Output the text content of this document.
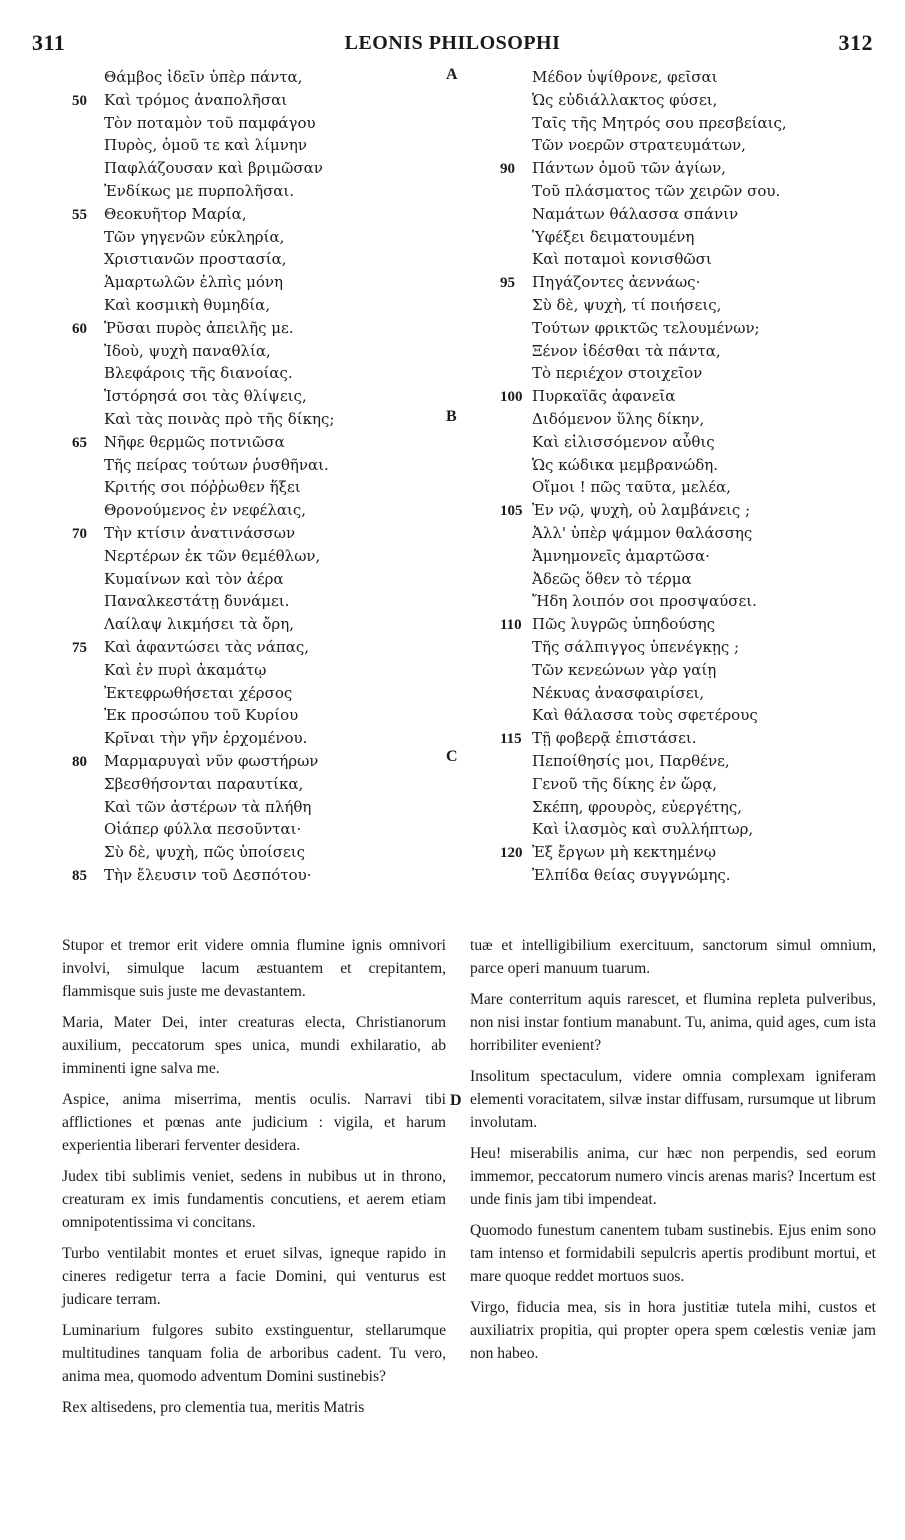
311	LEONIS PHILOSOPHI	312
A
B
C
D
Θάμβος ἰδεῖν ὑπὲρ πάντα,
50 Καὶ τρόμος ἀναπολῆσαι
Τὸν ποταμὸν τοῦ παμφάγου
Πυρὸς, ὁμοῦ τε καὶ λίμνην
Παφλάζουσαν καὶ βριμῶσαν
Ἐνδίκως με πυρπολῆσαι.
55 Θεοκυῆτορ Μαρία,
Τῶν γηγενῶν εὐκληρία,
Χριστιανῶν προστασία,
Ἁμαρτωλῶν ἐλπὶς μόνη
Καὶ κοσμικὴ θυμηδία,
60 Ῥῦσαι πυρὸς ἀπειλῆς με.
Ἰδοὺ, ψυχὴ παναθλία,
Βλεφάροις τῆς διανοίας.
Ἱστόρησά σοι τὰς θλίψεις,
Καὶ τὰς ποινὰς πρὸ τῆς δίκης;
65 Νῆφε θερμῶς ποτνιῶσα
Τῆς πείρας τούτων ῥυσθῆναι.
Κριτής σοι πόῤῥωθεν ἥξει
Θρονούμενος ἐν νεφέλαις,
70 Τὴν κτίσιν ἀνατινάσσων
Νερτέρων ἐκ τῶν θεμέθλων,
Κυμαίνων καὶ τὸν ἀέρα
Παναλκεστάτῃ δυνάμει.
Λαίλαψ λικμήσει τὰ ὄρη,
75 Καὶ ἀφαντώσει τὰς νάπας,
Καὶ ἐν πυρὶ ἀκαμάτῳ
Ἐκτεφρωθήσεται χέρσος
Ἐκ προσώπου τοῦ Κυρίου
Κρῖναι τὴν γῆν ἐρχομένου.
80 Μαρμαρυγαὶ νῦν φωστήρων
Σβεσθήσονται παραυτίκα,
Καὶ τῶν ἀστέρων τὰ πλήθη
Οἱάπερ φύλλα πεσοῦνται·
Σὺ δὲ, ψυχὴ, πῶς ὑποίσεις
85 Τὴν ἔλευσιν τοῦ Δεσπότου·
Μέδον ὑψίθρονε, φεῖσαι
Ὡς εὐδιάλλακτος φύσει,
Ταῖς τῆς Μητρός σου πρεσβείαις,
Τῶν νοερῶν στρατευμάτων,
90 Πάντων ὁμοῦ τῶν ἁγίων,
Τοῦ πλάσματος τῶν χειρῶν σου.
Ναμάτων θάλασσα σπάνιν
Ὑφέξει δειματουμένη
Καὶ ποταμοὶ κονισθῶσι
95 Πηγάζοντες ἀεννάως·
Σὺ δὲ, ψυχὴ, τί ποιήσεις,
Τούτων φρικτῶς τελουμένων;
Ξένον ἰδέσθαι τὰ πάντα,
Τὸ περιέχον στοιχεῖον
100 Πυρκαϊᾶς ἀφανεῖα
Διδόμενον ὕλης δίκην,
Καὶ εἰλισσόμενον αὖθις
Ὡς κώδικα μεμβρανώδη.
Οἴμοι ! πῶς ταῦτα, μελέα,
105 Ἐν νῷ, ψυχὴ, οὐ λαμβάνεις ;
Ἀλλ' ὑπὲρ ψάμμον θαλάσσης
Ἀμνημονεῖς ἁμαρτῶσα·
Ἀδεῶς ὅθεν τὸ τέρμα
Ἤδη λοιπόν σοι προσψαύσει.
110 Πῶς λυγρῶς ὑπηδούσης
Τῆς σάλπιγγος ὑπενέγκῃς ;
Τῶν κενεώνων γὰρ γαίῃ
Νέκυας ἀνασφαιρίσει,
Καὶ θάλασσα τοὺς σφετέρους
115 Τῇ φοβερᾷ ἐπιστάσει.
Πεποίθησίς μοι, Παρθένε,
Γενοῦ τῆς δίκης ἐν ὥρᾳ,
Σκέπη, φρουρὸς, εὐεργέτης,
Καὶ ἱλασμὸς καὶ συλλήπτωρ,
120 Ἐξ ἔργων μὴ κεκτημένῳ
Ἐλπίδα θείας συγγνώμης.

Stupor et tremor erit videre omnia flumine ignis omnivori involvi, simulque lacum æstuantem et crepitantem, flammisque suis juste me devastantem.

Maria, Mater Dei, inter creaturas electa, Christianorum auxilium, peccatorum spes unica, mundi exhilaratio, ab imminenti igne salva me.

Aspice, anima miserrima, mentis oculis. Narravi tibi afflictiones et pœnas ante judicium : vigila, et harum experientia liberari ferventer desidera.

Judex tibi sublimis veniet, sedens in nubibus ut in throno, creaturam ex imis fundamentis concutiens, et aerem etiam omnipotentissima vi concitans.

Turbo ventilabit montes et eruet silvas, igneque rapido in cineres redigetur terra a facie Domini, qui venturus est judicare terram.

Luminarium fulgores subito exstinguentur, stellarumque multitudines tanquam folia de arboribus cadent. Tu vero, anima mea, quomodo adventum Domini sustinebis?

Rex altisedens, pro clementia tua, meritis Matris

tuæ et intelligibilium exercituum, sanctorum simul omnium, parce operi manuum tuarum.

Mare conterritum aquis rarescet, et flumina repleta pulveribus, non nisi instar fontium manabunt. Tu, anima, quid ages, cum ista horribiliter evenient?

Insolitum spectaculum, videre omnia complexam igniferam elementi voracitatem, silvæ instar diffusam, rursumque ut librum involutam.

Heu! miserabilis anima, cur hæc non perpendis, sed eorum immemor, peccatorum numero vincis arenas maris? Incertum est unde finis jam tibi impendeat.

Quomodo funestum canentem tubam sustinebis. Ejus enim sono tam intenso et formidabili sepulcris apertis prodibunt mortui, et mare quoque reddet mortuos suos.

Virgo, fiducia mea, sis in hora justitiæ tutela mihi, custos et auxiliatrix propitia, qui propter opera spem cœlestis veniæ jam non habeo.
